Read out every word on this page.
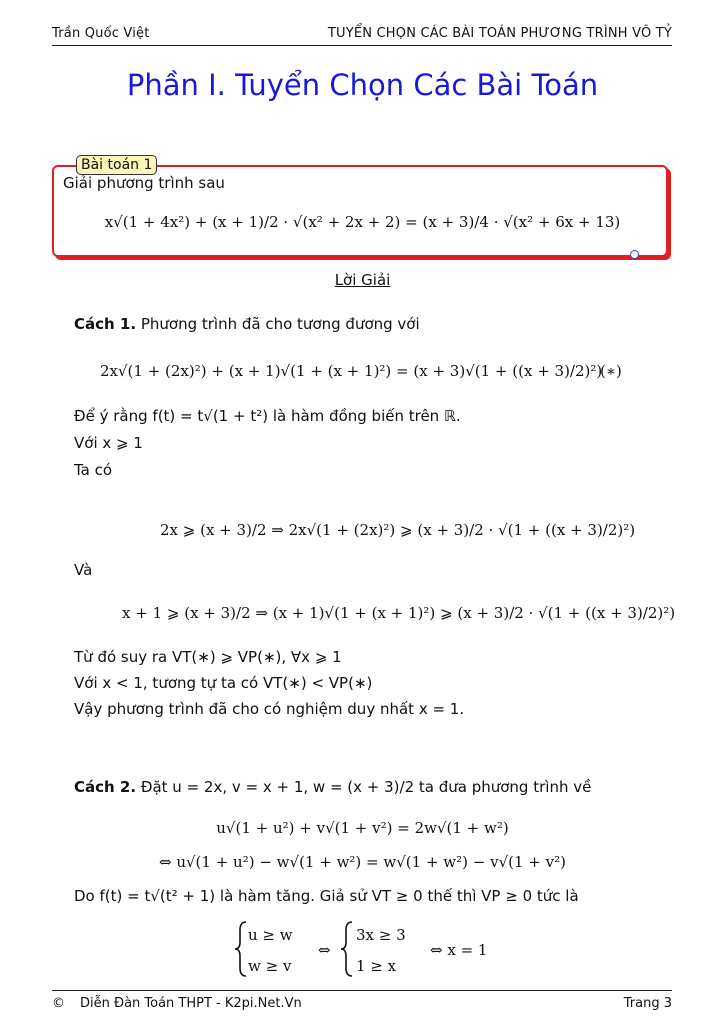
Trần Quốc Việt	TUYỂN CHỌN CÁC BÀI TOÁN PHƯƠNG TRÌNH VÔ TỶ
Phần I. Tuyển Chọn Các Bài Toán
Bài toán 1
Giải phương trình sau
x√(1 + 4x²) + (x + 1)/2 · √(x² + 2x + 2) = (x + 3)/4 · √(x² + 6x + 13)
Lời Giải
Cách 1. Phương trình đã cho tương đương với
2x√(1 + (2x)²) + (x + 1)√(1 + (x + 1)²) = (x + 3)√(1 + ((x + 3)/2)²)
(∗)
Để ý rằng f(t) = t√(1 + t²) là hàm đồng biến trên ℝ.
Với x ⩾ 1
Ta có
2x ⩾ (x + 3)/2 ⇒ 2x√(1 + (2x)²) ⩾ (x + 3)/2 · √(1 + ((x + 3)/2)²)
Và
x + 1 ⩾ (x + 3)/2 ⇒ (x + 1)√(1 + (x + 1)²) ⩾ (x + 3)/2 · √(1 + ((x + 3)/2)²)
Từ đó suy ra VT(∗) ⩾ VP(∗), ∀x ⩾ 1
Với x < 1, tương tự ta có VT(∗) < VP(∗)
Vậy phương trình đã cho có nghiệm duy nhất x = 1.
Cách 2. Đặt u = 2x, v = x + 1, w = (x + 3)/2 ta đưa phương trình về
u√(1 + u²) + v√(1 + v²) = 2w√(1 + w²)
⇔ u√(1 + u²) − w√(1 + w²) = w√(1 + w²) − v√(1 + v²)
Do f(t) = t√(t² + 1) là hàm tăng. Giả sử VT ≥ 0 thế thì VP ≥ 0 tức là
u ≥ w
w ≥ v
⇔
3x ≥ 3
1 ≥ x
⇔ x = 1
© Diễn Đàn Toán THPT - K2pi.Net.Vn	Trang 3
